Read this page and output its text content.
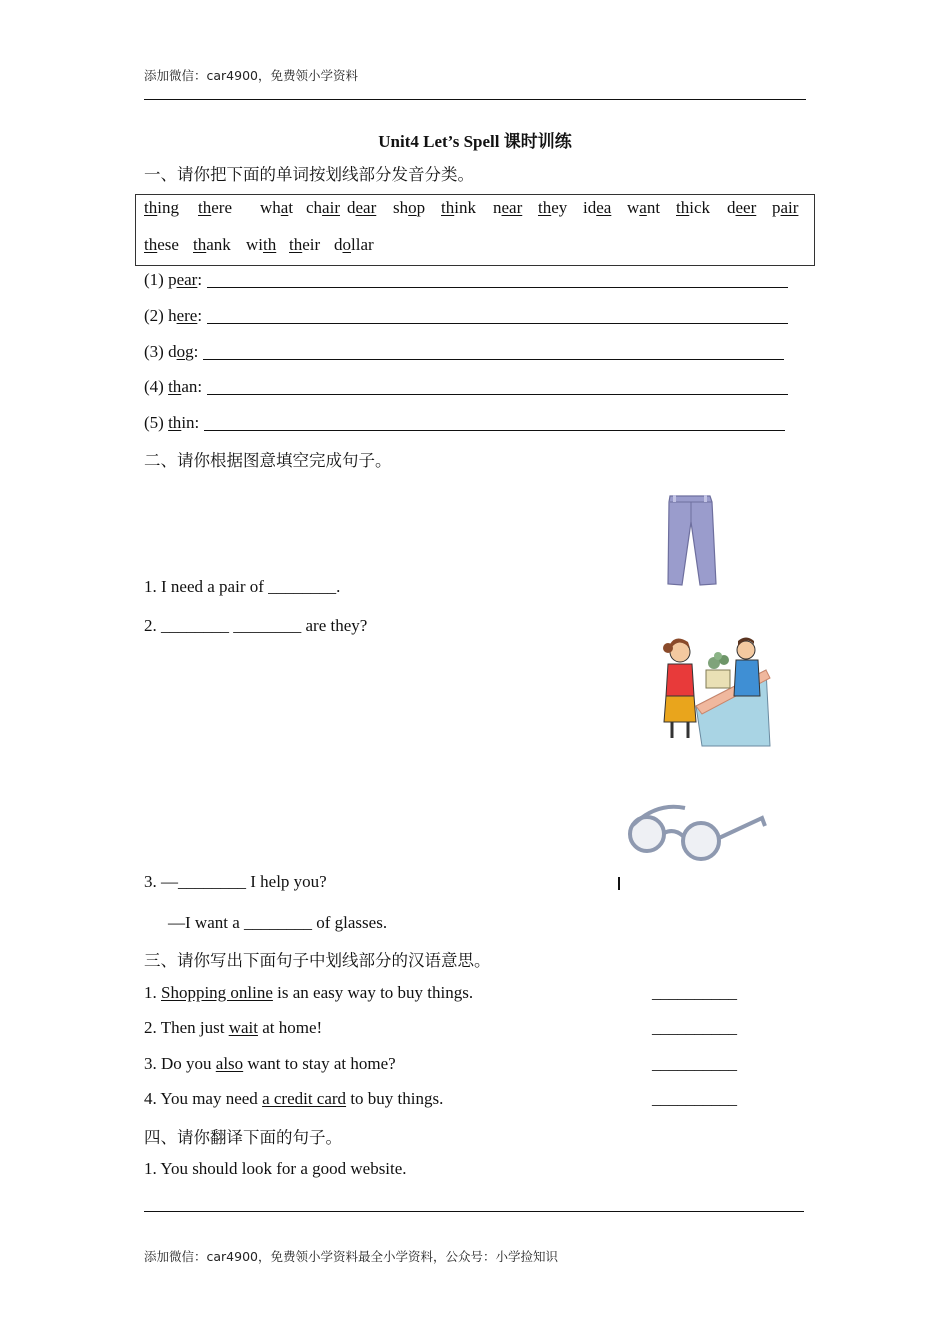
添加微信：car4900，免费领小学资料
Unit4 Let’s Spell 课时训练
一、请你把下面的单词按划线部分发音分类。
thing there what chair dear shop think near they idea want thick deer pair
these thank with their dollar
(1) pear:
(2) here:
(3) dog:
(4) than:
(5) thin:
二、请你根据图意填空完成句子。
1. I need a pair of ________.
2. ________ ________ are they?
3. —________ I help you?
—I want a ________ of glasses.
三、请你写出下面句子中划线部分的汉语意思。
1. Shopping online is an easy way to buy things.	__________
2. Then just wait at home!	__________
3. Do you also want to stay at home?	__________
4. You may need a credit card to buy things.	__________
四、请你翻译下面的句子。
1. You should look for a good website.
添加微信：car4900，免费领小学资料最全小学资料，公众号：小学捡知识
